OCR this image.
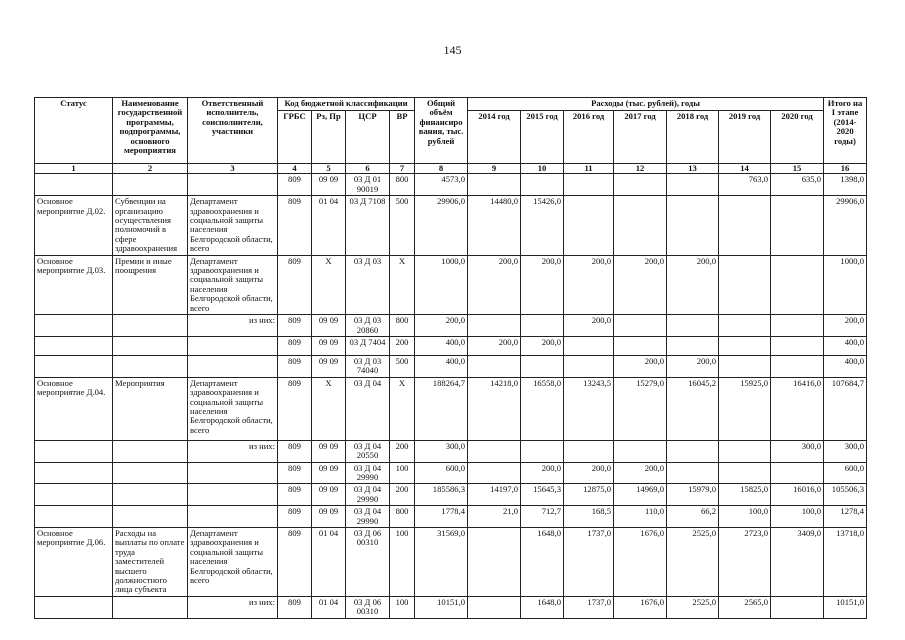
145
Статус	Наименование государственной программы, подпрограммы, основного мероприятия	Ответственный исполнитель, соисполнители, участники	Код бюджетной классификации				Общий объём финансиро вания, тыс. рублей	Расходы (тыс. рублей), годы							Итого на I этапе (2014-2020 годы)
			ГРБС	Рз, Пр	ЦСР	ВР		2014 год	2015 год	2016 год	2017 год	2018 год	2019 год	2020 год	
1	2	3	4	5	6	7	8	9	10	11	12	13	14	15	16
			809	09 09	03 Д 01 90019	800	4573,0						763,0	635,0	1398,0
Основное мероприятие Д.02.	Субвенции на организацию осуществления полномочий в сфере здравоохранения	Департамент здравоохранения и социальной защиты населения Белгородской области, всего	809	01 04	03 Д 7108	500	29906,0	14480,0	15426,0						29906,0
Основное мероприятие Д.03.	Премии и иные поощрения	Департамент здравоохранения и социальной защиты населения Белгородской области, всего	809	Х	03 Д 03	Х	1000,0	200,0	200,0	200,0	200,0	200,0			1000,0
		из них:	809	09 09	03 Д 03 20860	800	200,0			200,0					200,0
			809	09 09	03 Д 7404	200	400,0	200,0	200,0						400,0
			809	09 09	03 Д 03 74040	500	400,0				200,0	200,0			400,0
Основное мероприятие Д.04.	Мероприятия	Департамент здравоохранения и социальной защиты населения Белгородской области, всего	809	Х	03 Д 04	Х	188264,7	14218,0	16558,0	13243,5	15279,0	16045,2	15925,0	16416,0	107684,7
		из них:	809	09 09	03 Д 04 20550	200	300,0							300,0	300,0
			809	09 09	03 Д 04 29990	100	600,0		200,0	200,0	200,0				600,0
			809	09 09	03 Д 04 29990	200	185586,3	14197,0	15645,3	12875,0	14969,0	15979,0	15825,0	16016,0	105506,3
			809	09 09	03 Д 04 29990	800	1778,4	21,0	712,7	168,5	110,0	66,2	100,0	100,0	1278,4
Основное мероприятие Д.06.	Расходы на выплаты по оплате труда заместителей высшего должностного лица субъекта	Департамент здравоохранения и социальной защиты населения Белгородской области, всего	809	01 04	03 Д 06 00310	100	31569,0		1648,0	1737,0	1676,0	2525,0	2723,0	3409,0	13718,0
		из них:	809	01 04	03 Д 06 00310	100	10151,0		1648,0	1737,0	1676,0	2525,0	2565,0		10151,0
